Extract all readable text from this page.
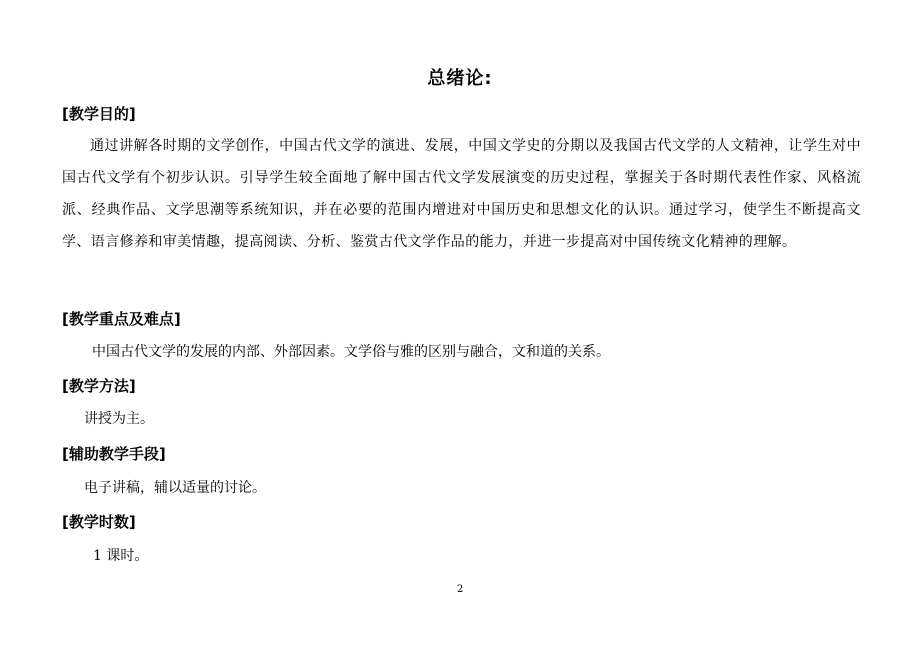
总绪论:
[教学目的]
通过讲解各时期的文学创作，中国古代文学的演进、发展，中国文学史的分期以及我国古代文学的人文精神，让学生对中国古代文学有个初步认识。引导学生较全面地了解中国古代文学发展演变的历史过程，掌握关于各时期代表性作家、风格流派、经典作品、文学思潮等系统知识，并在必要的范围内增进对中国历史和思想文化的认识。通过学习，使学生不断提高文学、语言修养和审美情趣，提高阅读、分析、鉴赏古代文学作品的能力，并进一步提高对中国传统文化精神的理解。
[教学重点及难点]
中国古代文学的发展的内部、外部因素。文学俗与雅的区别与融合，文和道的关系。
[教学方法]
讲授为主。
[辅助教学手段]
电子讲稿，辅以适量的讨论。
[教学时数]
1 课时。
2
